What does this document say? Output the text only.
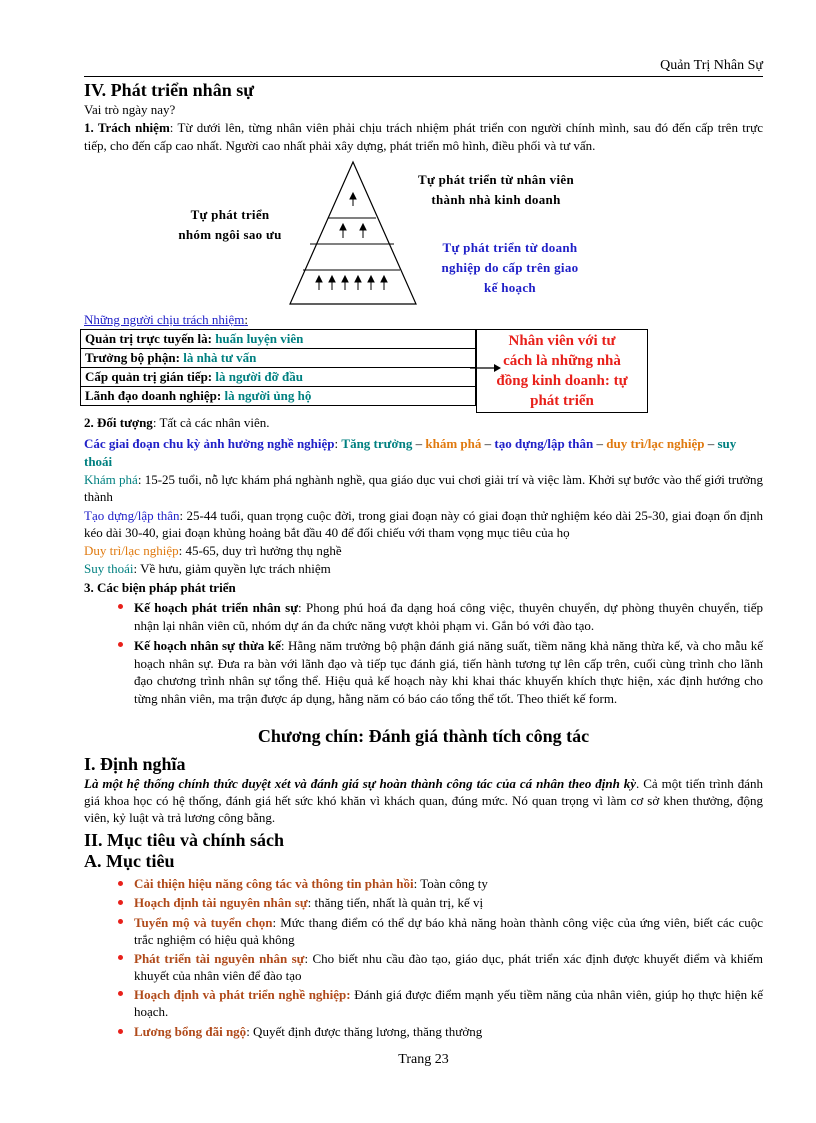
Quản Trị Nhân Sự
IV. Phát triển nhân sự
Vai trò ngày nay?
1. Trách nhiệm: Từ dưới lên, từng nhân viên phải chịu trách nhiệm phát triển con người chính mình, sau đó đến cấp trên trực tiếp, cho đến cấp cao nhất. Người cao nhất phải xây dựng, phát triển mô hình, điều phối và tư vấn.
Tự phát triển
nhóm ngôi sao ưu
Tự phát triển từ nhân viên
thành nhà kinh doanh
Tự phát triển từ doanh
nghiệp do cấp trên giao
kế hoạch
Những người chịu trách nhiệm:
Quản trị trực tuyến là: huấn luyện viên
Trưởng bộ phận: là nhà tư vấn
Cấp quản trị gián tiếp: là người đỡ đầu
Lãnh đạo doanh nghiệp: là người ủng hộ
Nhân viên với tư
cách là những nhà
đồng kinh doanh: tự
phát triển
2. Đối tượng: Tất cả các nhân viên.
Các giai đoạn chu kỳ ảnh hưởng nghề nghiệp: Tăng trưởng – khám phá – tạo dựng/lập thân – duy trì/lạc nghiệp – suy thoái
Khám phá: 15-25 tuổi, nỗ lực khám phá nghành nghề, qua giáo dục vui chơi giải trí và việc làm. Khởi sự bước vào thế giới trưởng thành
Tạo dựng/lập thân: 25-44 tuổi, quan trọng cuộc đời, trong giai đoạn này có giai đoạn thử nghiệm kéo dài 25-30, giai đoạn ổn định kéo dài 30-40, giai đoạn khủng hoảng bắt đầu 40 để đối chiếu với tham vọng mục tiêu của họ
Duy trì/lạc nghiệp: 45-65, duy trì hưởng thụ nghề
Suy thoái: Về hưu, giảm quyền lực trách nhiệm
3. Các biện pháp phát triển
Kế hoạch phát triển nhân sự: Phong phú hoá đa dạng hoá công việc, thuyên chuyển, dự phòng thuyên chuyển, tiếp nhận lại nhân viên cũ, nhóm dự án đa chức năng vượt khỏi phạm vi. Gắn bó với đào tạo.
Kế hoạch nhân sự thừa kế: Hằng năm trưởng bộ phận đánh giá năng suất, tiềm năng khả năng thừa kế, và cho mẫu kế hoạch nhân sự. Đưa ra bàn với lãnh đạo và tiếp tục đánh giá, tiến hành tương tự lên cấp trên, cuối cùng trình cho lãnh đạo chương trình nhân sự tổng thể. Hiệu quả kế hoạch này khi khai thác khuyến khích thực hiện, xác định hướng cho từng nhân viên, ma trận được áp dụng, hằng năm có báo cáo tổng thể tốt. Theo thiết kế form.
Chương chín: Đánh giá thành tích công tác
I. Định nghĩa
Là một hệ thống chính thức duyệt xét và đánh giá sự hoàn thành công tác của cá nhân theo định kỳ. Cả một tiến trình đánh giá khoa học có hệ thống, đánh giá hết sức khó khăn vì khách quan, đúng mức. Nó quan trọng vì làm cơ sở khen thưởng, động viên, kỷ luật và trả lương công bằng.
II. Mục tiêu và chính sách
A. Mục tiêu
Cải thiện hiệu năng công tác và thông tin phản hồi: Toàn công ty
Hoạch định tài nguyên nhân sự: thăng tiến, nhất là quản trị, kế vị
Tuyển mộ và tuyển chọn: Mức thang điểm có thể dự báo khả năng hoàn thành công việc của ứng viên, biết các cuộc trắc nghiệm có hiệu quả không
Phát triển tài nguyên nhân sự: Cho biết nhu cầu đào tạo, giáo dục, phát triển xác định được khuyết điểm và khiếm khuyết của nhân viên để đào tạo
Hoạch định và phát triển nghề nghiệp: Đánh giá được điểm mạnh yếu tiềm năng của nhân viên, giúp họ thực hiện kế hoạch.
Lương bổng đãi ngộ: Quyết định được thăng lương, thăng thưởng
Trang 23
